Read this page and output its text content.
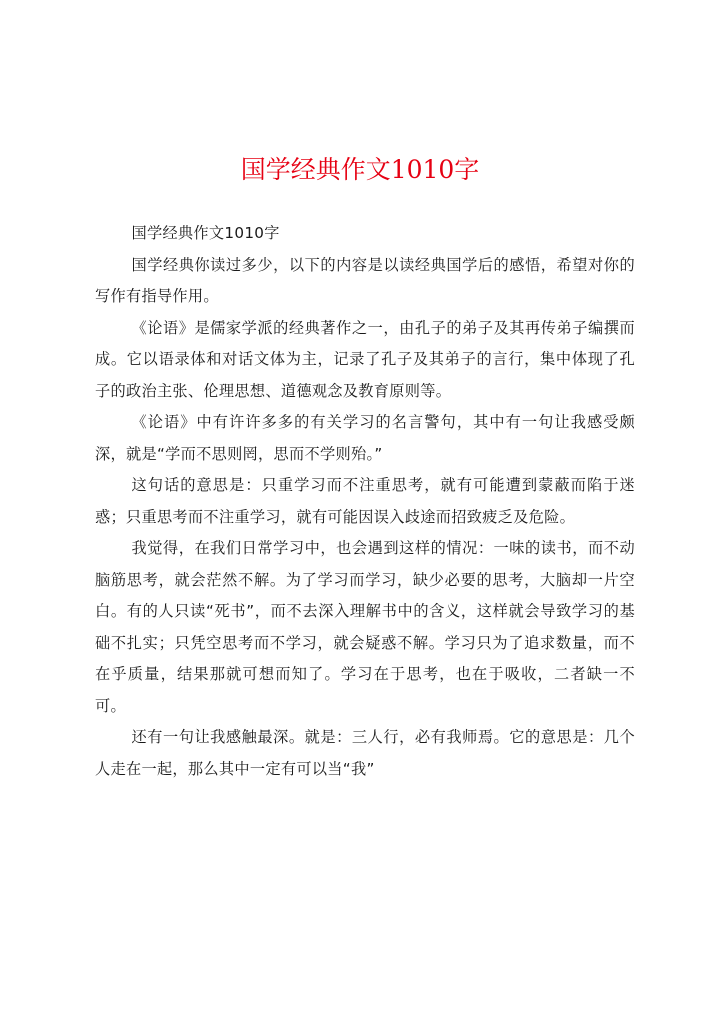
国学经典作文1010字

国学经典作文1010字

国学经典你读过多少，以下的内容是以读经典国学后的感悟，希望对你的写作有指导作用。

《论语》是儒家学派的经典著作之一，由孔子的弟子及其再传弟子编撰而成。它以语录体和对话文体为主，记录了孔子及其弟子的言行，集中体现了孔子的政治主张、伦理思想、道德观念及教育原则等。

《论语》中有许许多多的有关学习的名言警句，其中有一句让我感受颇深，就是“学而不思则罔，思而不学则殆。”

这句话的意思是：只重学习而不注重思考，就有可能遭到蒙蔽而陷于迷惑；只重思考而不注重学习，就有可能因误入歧途而招致疲乏及危险。

我觉得，在我们日常学习中，也会遇到这样的情况：一味的读书，而不动脑筋思考，就会茫然不解。为了学习而学习，缺少必要的思考，大脑却一片空白。有的人只读“死书”，而不去深入理解书中的含义，这样就会导致学习的基础不扎实；只凭空思考而不学习，就会疑惑不解。学习只为了追求数量，而不在乎质量，结果那就可想而知了。学习在于思考，也在于吸收，二者缺一不可。

还有一句让我感触最深。就是：三人行，必有我师焉。它的意思是：几个人走在一起，那么其中一定有可以当“我”
